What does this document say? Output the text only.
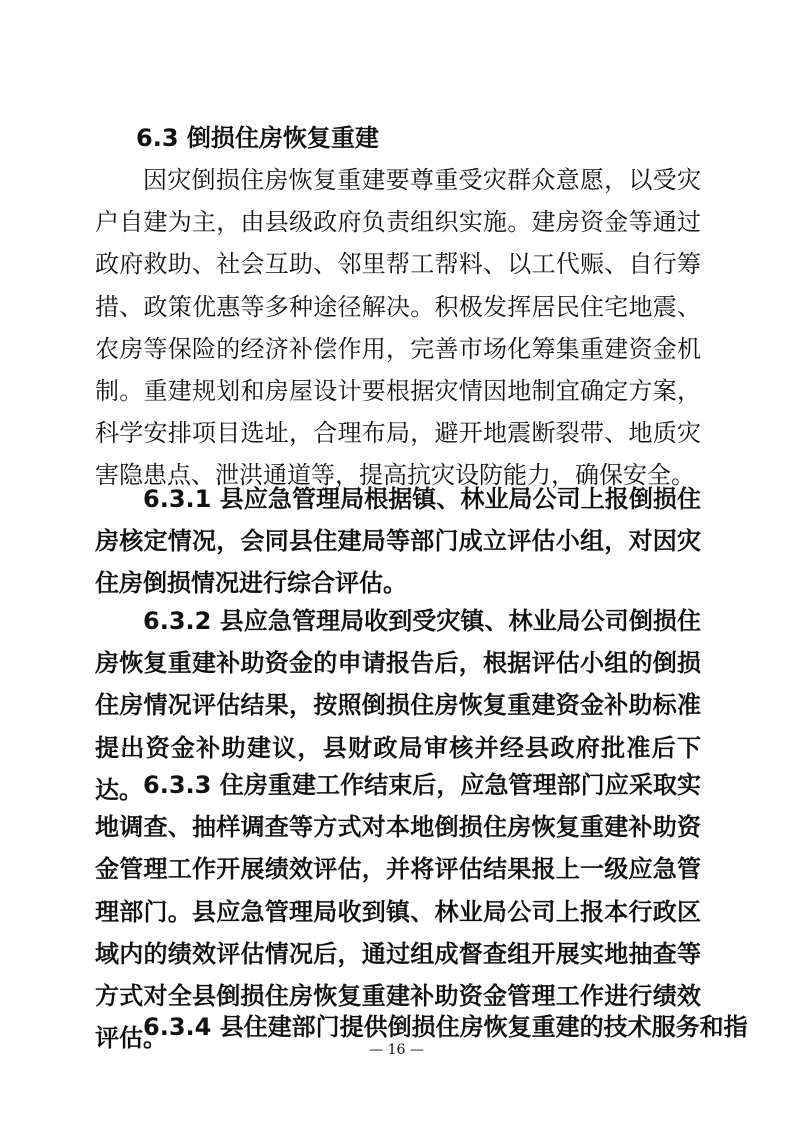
6.3 倒损住房恢复重建
因灾倒损住房恢复重建要尊重受灾群众意愿，以受灾户自建为主，由县级政府负责组织实施。建房资金等通过政府救助、社会互助、邻里帮工帮料、以工代赈、自行筹措、政策优惠等多种途径解决。积极发挥居民住宅地震、农房等保险的经济补偿作用，完善市场化筹集重建资金机制。重建规划和房屋设计要根据灾情因地制宜确定方案，科学安排项目选址，合理布局，避开地震断裂带、地质灾害隐患点、泄洪通道等，提高抗灾设防能力，确保安全。
6.3.1 县应急管理局根据镇、林业局公司上报倒损住房核定情况，会同县住建局等部门成立评估小组，对因灾住房倒损情况进行综合评估。
6.3.2 县应急管理局收到受灾镇、林业局公司倒损住房恢复重建补助资金的申请报告后，根据评估小组的倒损住房情况评估结果，按照倒损住房恢复重建资金补助标准提出资金补助建议，县财政局审核并经县政府批准后下达。 6.3.3 住房重建工作结束后，应急管理部门应采取实地调查、抽样调查等方式对本地倒损住房恢复重建补助资金管理工作开展绩效评估，并将评估结果报上一级应急管理部门。县应急管理局收到镇、林业局公司上报本行政区域内的绩效评估情况后，通过组成督查组开展实地抽查等方式对全县倒损住房恢复重建补助资金管理工作进行绩效评估。
6.3.4 县住建部门提供倒损住房恢复重建的技术服务和指
— 16 —
